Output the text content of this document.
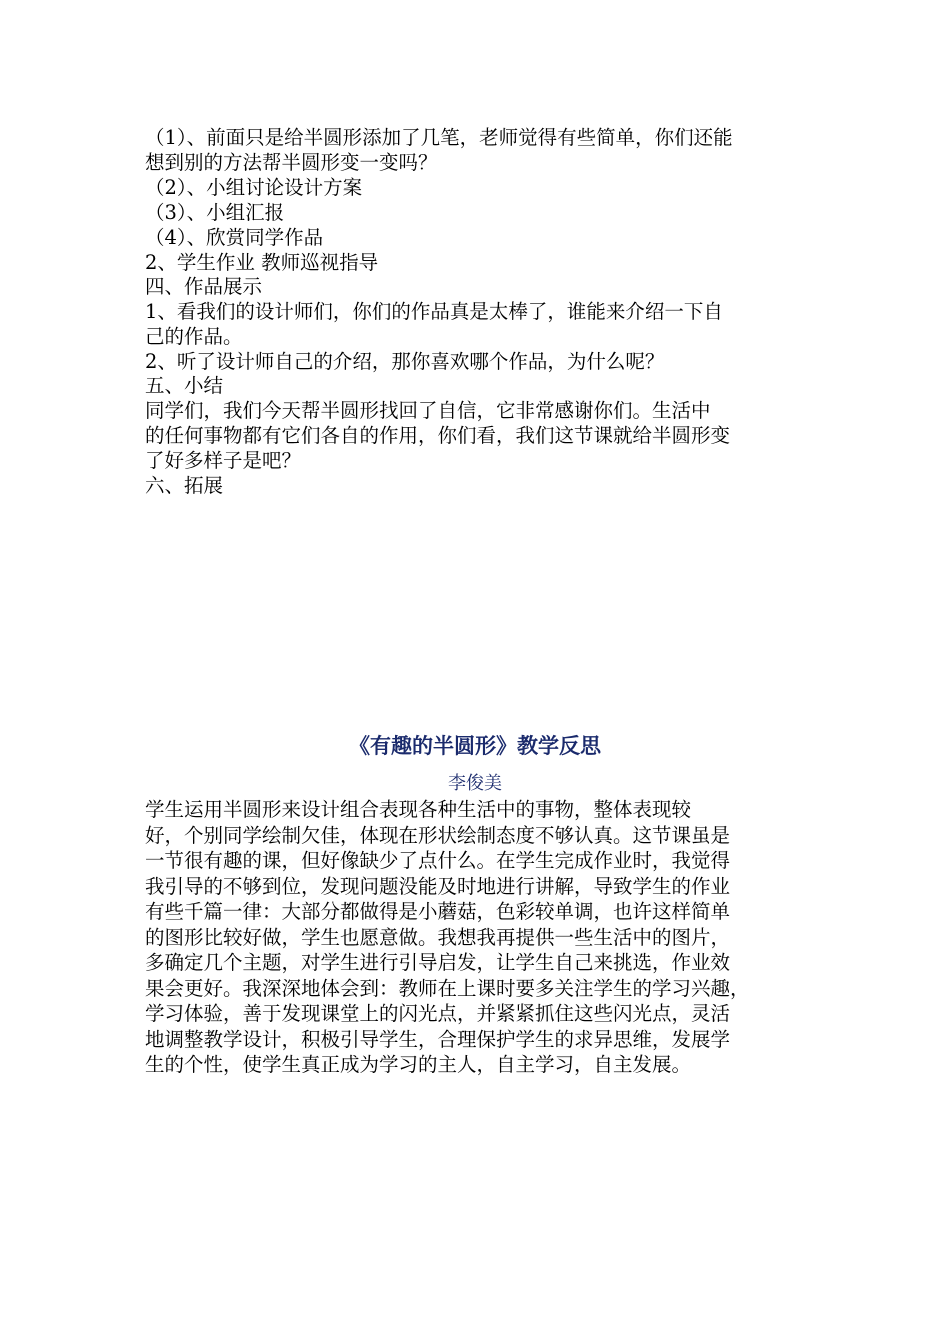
（1）、前面只是给半圆形添加了几笔，老师觉得有些简单，你们还能
想到别的方法帮半圆形变一变吗？
（2）、小组讨论设计方案
（3）、小组汇报
（4）、欣赏同学作品
2、学生作业 教师巡视指导
四、作品展示
1、看我们的设计师们，你们的作品真是太棒了，谁能来介绍一下自
己的作品。
2、听了设计师自己的介绍，那你喜欢哪个作品，为什么呢？
五、小结
同学们，我们今天帮半圆形找回了自信，它非常感谢你们。生活中
的任何事物都有它们各自的作用，你们看，我们这节课就给半圆形变
了好多样子是吧？
六、拓展
《有趣的半圆形》教学反思
李俊美
学生运用半圆形来设计组合表现各种生活中的事物，整体表现较
好，个别同学绘制欠佳，体现在形状绘制态度不够认真。这节课虽是
一节很有趣的课，但好像缺少了点什么。在学生完成作业时，我觉得
我引导的不够到位，发现问题没能及时地进行讲解，导致学生的作业
有些千篇一律：大部分都做得是小蘑菇，色彩较单调，也许这样简单
的图形比较好做，学生也愿意做。我想我再提供一些生活中的图片，
多确定几个主题，对学生进行引导启发，让学生自己来挑选，作业效
果会更好。我深深地体会到：教师在上课时要多关注学生的学习兴趣，
学习体验，善于发现课堂上的闪光点，并紧紧抓住这些闪光点，灵活
地调整教学设计，积极引导学生，合理保护学生的求异思维，发展学
生的个性，使学生真正成为学习的主人，自主学习，自主发展。
